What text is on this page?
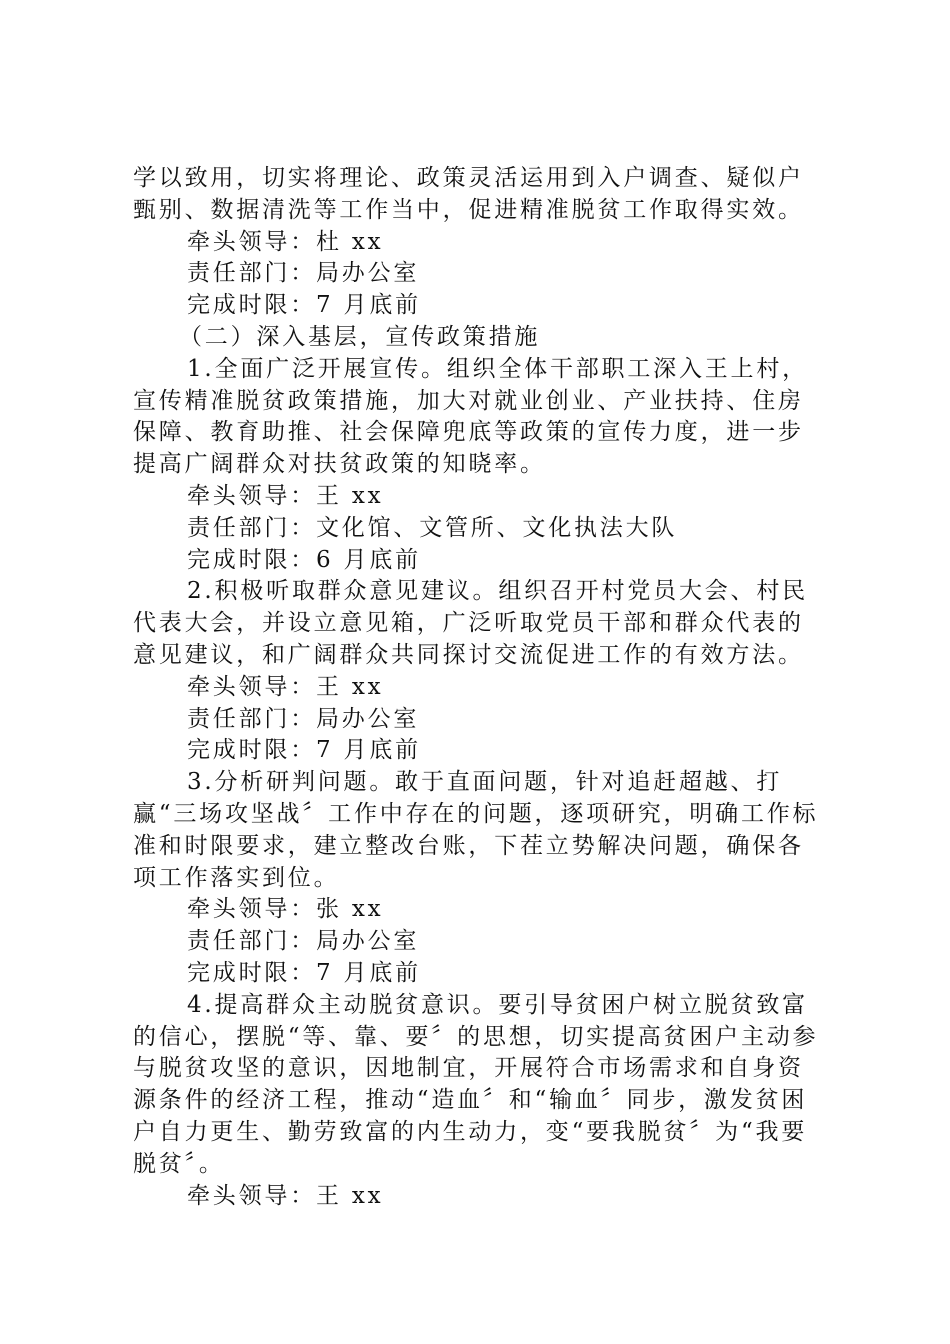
学以致用，切实将理论、政策灵活运用到入户调查、疑似户甄别、数据清洗等工作当中，促进精准脱贫工作取得实效。

牵头领导：杜 xx

责任部门：局办公室

完成时限：7 月底前

（二）深入基层，宣传政策措施

1.全面广泛开展宣传。组织全体干部职工深入王上村，宣传精准脱贫政策措施，加大对就业创业、产业扶持、住房保障、教育助推、社会保障兜底等政策的宣传力度，进一步提高广阔群众对扶贫政策的知晓率。

牵头领导：王 xx

责任部门：文化馆、文管所、文化执法大队

完成时限：6 月底前

2.积极听取群众意见建议。组织召开村党员大会、村民代表大会，并设立意见箱，广泛听取党员干部和群众代表的意见建议，和广阔群众共同探讨交流促进工作的有效方法。

牵头领导：王 xx

责任部门：局办公室

完成时限：7 月底前

3.分析研判问题。敢于直面问题，针对追赶超越、打赢“三场攻坚战〞工作中存在的问题，逐项研究，明确工作标准和时限要求，建立整改台账，下茬立势解决问题，确保各项工作落实到位。

牵头领导：张 xx

责任部门：局办公室

完成时限：7 月底前

4.提高群众主动脱贫意识。要引导贫困户树立脱贫致富的信心，摆脱“等、靠、要〞的思想，切实提高贫困户主动参与脱贫攻坚的意识，因地制宜，开展符合市场需求和自身资源条件的经济工程，推动“造血〞和“输血〞同步，激发贫困户自力更生、勤劳致富的内生动力，变“要我脱贫〞为“我要脱贫〞。

牵头领导：王 xx
